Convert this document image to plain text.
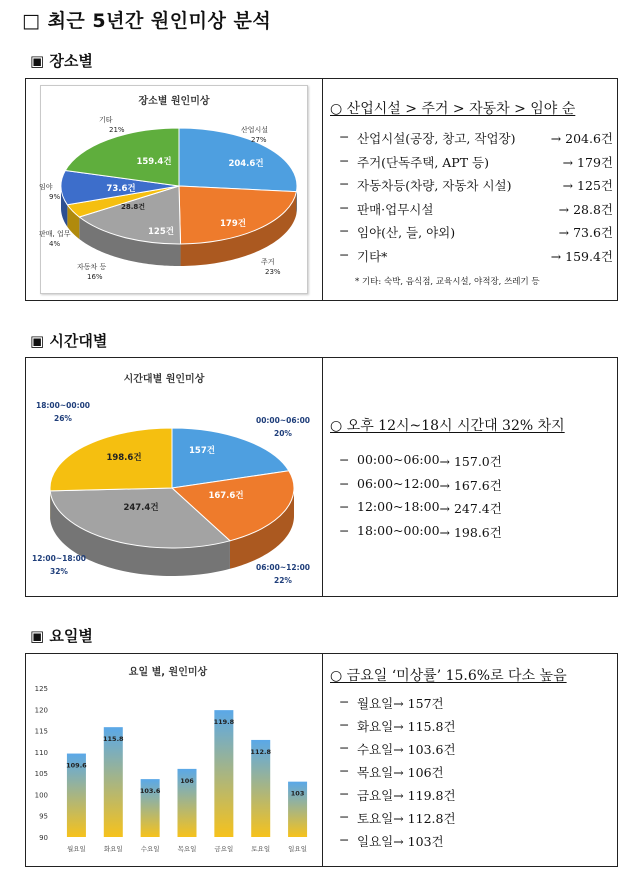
□ 최근 5년간 원인미상 분석
▣ 장소별
장소별 원인미상
204.6건
산업시설
27%
179건
주거
23%
125건
자동차 등
16%
28.8건
판매, 업무
4%
73.6건
임야
9%
159.4건
기타
21%
○ 산업시설 > 주거 > 자동차 > 임야 순
− 산업시설(공장, 창고, 작업장)	→ 204.6건
− 주거(단독주택, APT 등)	→ 179건
− 자동차등(차량, 자동차 시설)	→ 125건
− 판매·업무시설	→ 28.8건
− 임야(산, 들, 야외)	→ 73.6건
− 기타*	→ 159.4건
* 기타: 숙박, 음식점, 교육시설, 야적장, 쓰레기 등
▣ 시간대별
157건
00:00~06:00
20%
167.6건
06:00~12:00
22%
247.4건
12:00~18:00
32%
198.6건
18:00~00:00
26%
시간대별 원인미상
○ 오후 12시~18시 시간대 32% 차지
− 00:00~06:00 → 157.0건
− 06:00~12:00 → 167.6건
− 12:00~18:00 → 247.4건
− 18:00~00:00 → 198.6건
▣ 요일별
요일 별, 원인미상
90
95
100
105
110
115
120
125
109.6
월요일
115.8
화요일
103.6
수요일
106
목요일
119.8
금요일
112.8
토요일
103
일요일
○ 금요일 ‘미상률’ 15.6%로 다소 높음
− 월요일 → 157건
− 화요일 → 115.8건
− 수요일 → 103.6건
− 목요일 → 106건
− 금요일 → 119.8건
− 토요일 → 112.8건
− 일요일 → 103건
